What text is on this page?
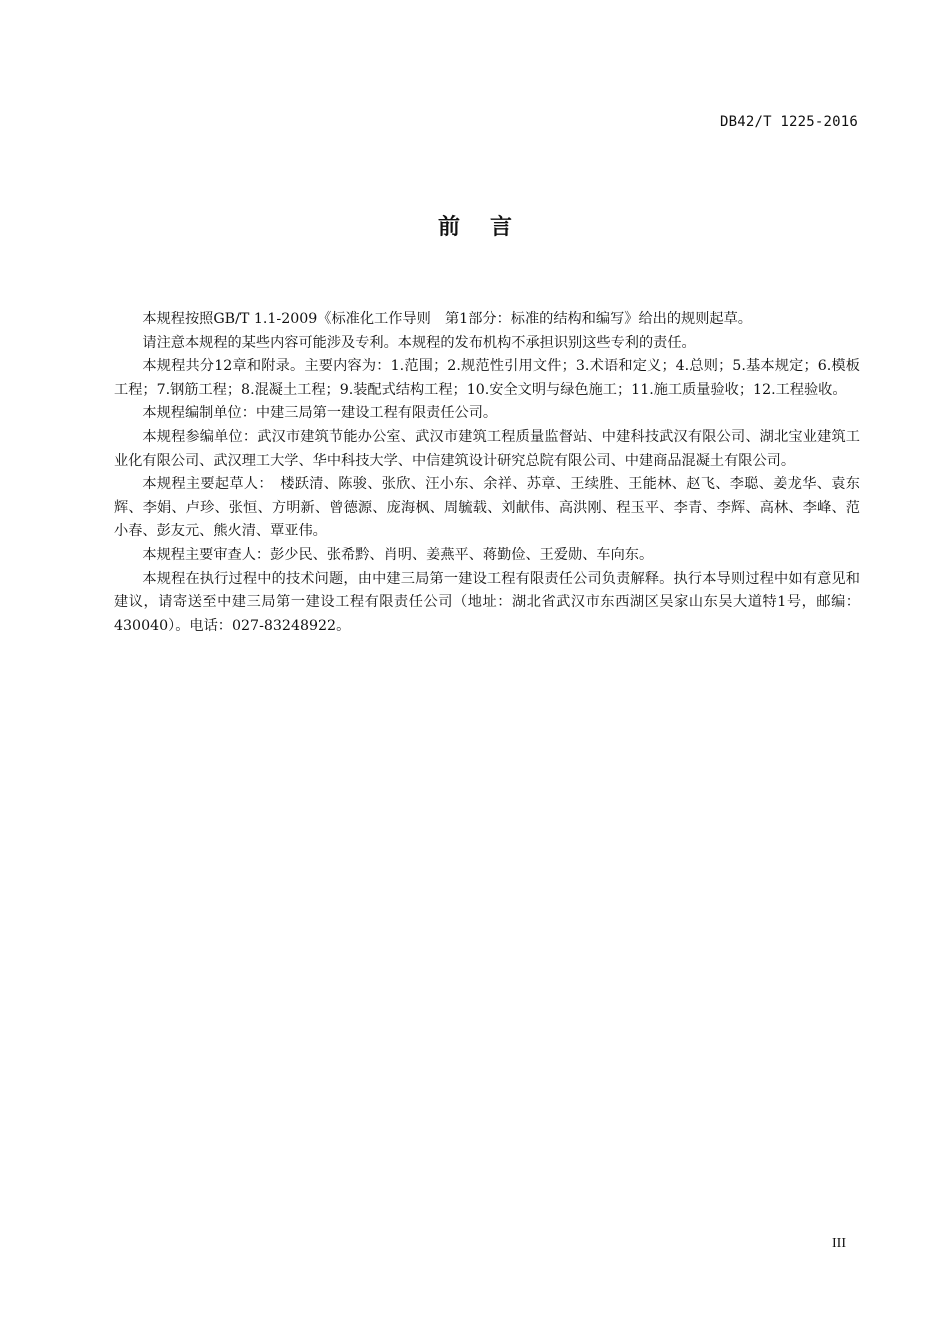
DB42/T 1225-2016
前言

本规程按照GB/T 1.1-2009《标准化工作导则　第1部分：标准的结构和编写》给出的规则起草。

请注意本规程的某些内容可能涉及专利。本规程的发布机构不承担识别这些专利的责任。

本规程共分12章和附录。主要内容为：1.范围；2.规范性引用文件；3.术语和定义；4.总则；5.基本规定；6.模板工程；7.钢筋工程；8.混凝土工程；9.装配式结构工程；10.安全文明与绿色施工；11.施工质量验收；12.工程验收。

本规程编制单位：中建三局第一建设工程有限责任公司。

本规程参编单位：武汉市建筑节能办公室、武汉市建筑工程质量监督站、中建科技武汉有限公司、湖北宝业建筑工业化有限公司、武汉理工大学、华中科技大学、中信建筑设计研究总院有限公司、中建商品混凝土有限公司。

本规程主要起草人：　楼跃清、陈骏、张欣、汪小东、余祥、苏章、王续胜、王能林、赵飞、李聪、姜龙华、袁东辉、李娟、卢珍、张恒、方明新、曾德源、庞海枫、周毓载、刘献伟、高洪刚、程玉平、李青、李辉、高林、李峰、范小春、彭友元、熊火清、覃亚伟。

本规程主要审查人：彭少民、张希黔、肖明、姜燕平、蒋勤俭、王爱勋、车向东。

本规程在执行过程中的技术问题，由中建三局第一建设工程有限责任公司负责解释。执行本导则过程中如有意见和建议，请寄送至中建三局第一建设工程有限责任公司（地址：湖北省武汉市东西湖区吴家山东吴大道特1号，邮编：430040）。电话：027-83248922。

III
